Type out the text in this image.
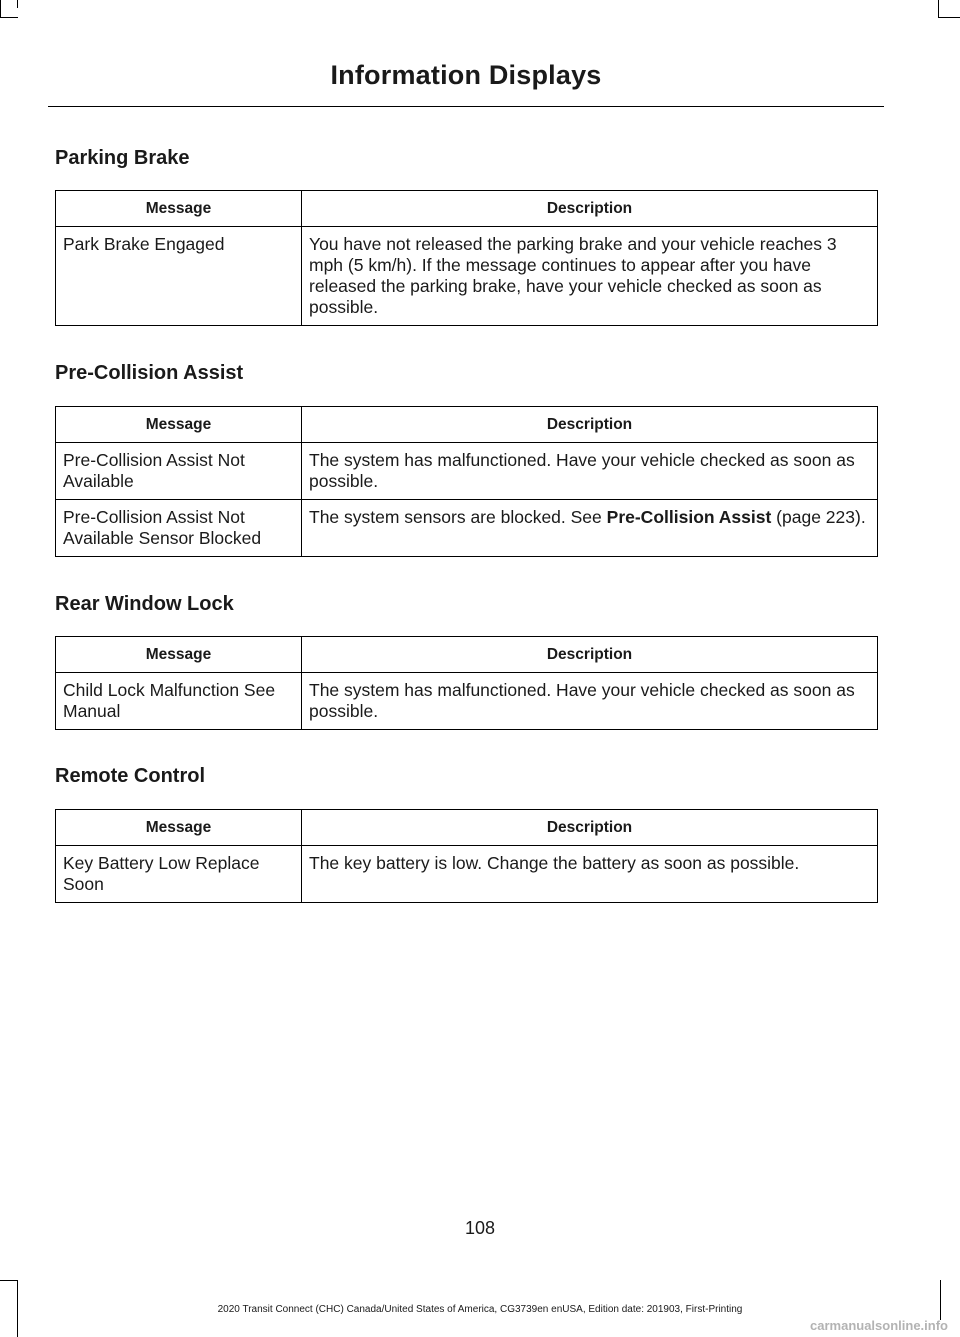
Information Displays
Parking Brake
Message	Description
Park Brake Engaged	You have not released the parking brake and your vehicle reaches 3 mph (5 km/h). If the message continues to appear after you have released the parking brake, have your vehicle checked as soon as possible.
Pre-Collision Assist
Message	Description
Pre-Collision Assist Not Available	The system has malfunctioned. Have your vehicle checked as soon as possible.
Pre-Collision Assist Not Available Sensor Blocked	The system sensors are blocked. See Pre-Collision Assist (page 223).
Rear Window Lock
Message	Description
Child Lock Malfunction See Manual	The system has malfunctioned. Have your vehicle checked as soon as possible.
Remote Control
Message	Description
Key Battery Low Replace Soon	The key battery is low. Change the battery as soon as possible.
108
2020 Transit Connect (CHC) Canada/United States of America, CG3739en enUSA, Edition date: 201903, First-Printing
carmanualsonline.info
